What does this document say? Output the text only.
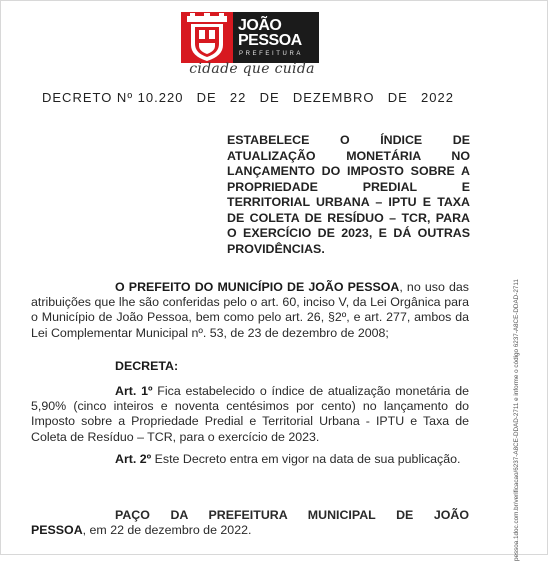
JOÃO
PESSOA
PREFEITURA
cidade que cuida
DECRETO Nº 10.220 DE 22 DE DEZEMBRO DE 2022
ESTABELECE O ÍNDICE DE ATUALIZAÇÃO MONETÁRIA NO LANÇAMENTO DO IMPOSTO SOBRE A PROPRIEDADE PREDIAL E TERRITORIAL URBANA – IPTU E TAXA DE COLETA DE RESÍDUO – TCR, PARA O EXERCÍCIO DE 2023, E DÁ OUTRAS PROVIDÊNCIAS.
O PREFEITO DO MUNICÍPIO DE JOÃO PESSOA, no uso das atribuições que lhe são conferidas pelo o art. 60, inciso V, da Lei Orgânica para o Município de João Pessoa, bem como pelo art. 26, §2º, e art. 277, ambos da Lei Complementar Municipal nº. 53, de 23 de dezembro de 2008;
DECRETA:
Art. 1º Fica estabelecido o índice de atualização monetária de 5,90% (cinco inteiros e noventa centésimos por cento) no lançamento do Imposto sobre a Propriedade Predial e Territorial Urbana - IPTU e Taxa de Coleta de Resíduo – TCR, para o exercício de 2023.
Art. 2º Este Decreto entra em vigor na data de sua publicação.
PAÇO DA PREFEITURA MUNICIPAL DE JOÃO
PESSOA, em 22 de dezembro de 2022.	pessoa.1doc.com.br/verificacao/6237-A8CE-DDAD-2711 e informe o código 6237-A8CE-DDAD-2711
